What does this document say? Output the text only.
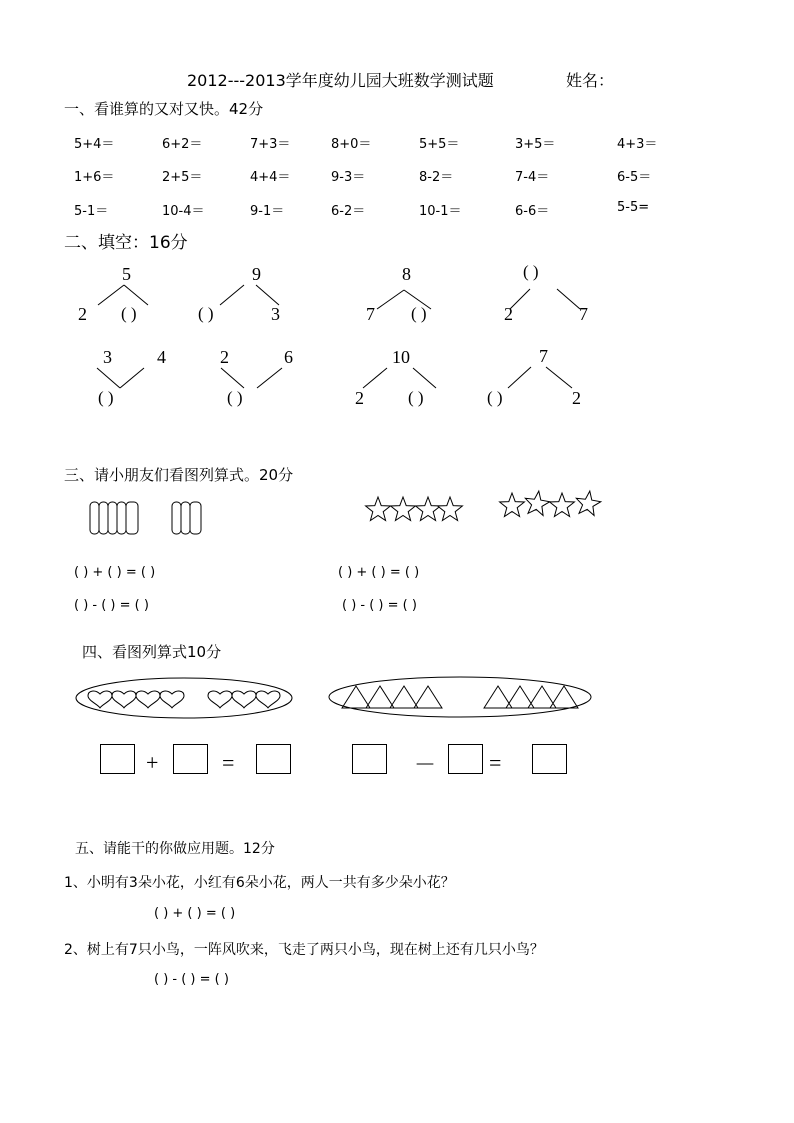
2012---2013学年度幼儿园大班数学测试题	姓名：
一、看谁算的又对又快。42分
5+4＝	6+2＝	7+3＝	8+0＝	5+5＝	3+5＝	4+3＝
1+6＝	2+5＝	4+4＝	9-3＝	8-2＝	7-4＝	6-5＝
5-1＝	10-4＝	9-1＝	6-2＝	10-1＝	6-6＝	5-5=
二、填空：16分
5
2 ( )
9
( )	3
8
7 ( )
( )
2	7
3	4
( )
2	6
( )
10
2	( )
7
( )	2
三、请小朋友们看图列算式。20分
( ) + ( ) = ( )
( ) - ( ) = ( )
( ) + ( ) = ( )
( ) - ( ) = ( )
四、看图列算式10分
+	=	－ =
五、请能干的你做应用题。12分
1、小明有3朵小花，小红有6朵小花，两人一共有多少朵小花？
( ) + ( ) = ( )
2、树上有7只小鸟，一阵风吹来，飞走了两只小鸟，现在树上还有几只小鸟？
( ) - ( ) = ( )
